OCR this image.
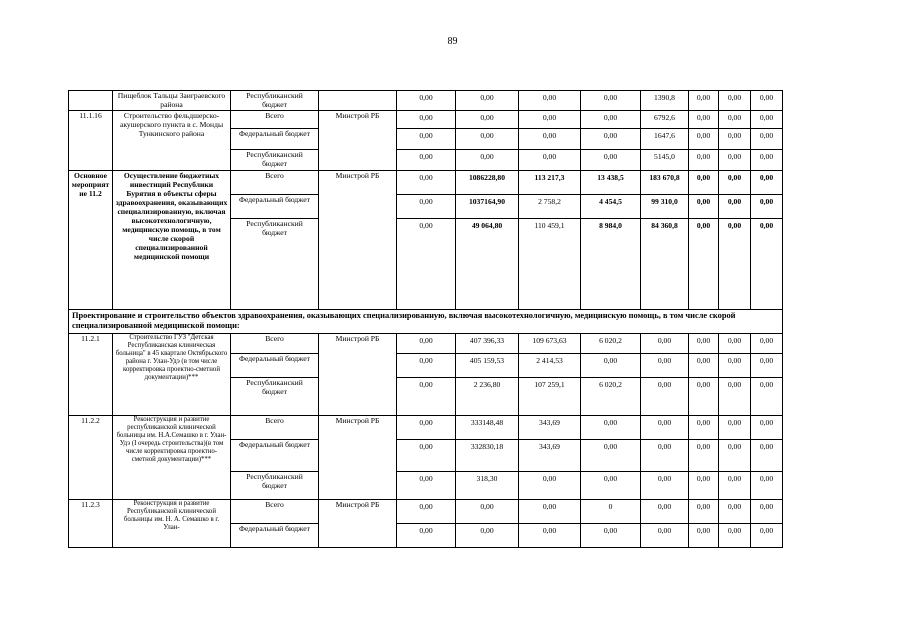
89
	Пищеблок Тальцы Заиграевского района	Республиканский бюджет		0,00	0,00	0,00	0,00	1390,8	0,00	0,00	0,00
11.1.16	Строительство фельдшерско-акушерского пункта в с. Монды Тункинского района	Всего	Минстрой РБ	0,00	0,00	0,00	0,00	6792,6	0,00	0,00	0,00
		Федеральный бюджет		0,00	0,00	0,00	0,00	1647,6	0,00	0,00	0,00
		Республиканский бюджет		0,00	0,00	0,00	0,00	5145,0	0,00	0,00	0,00
Основное мероприятие 11.2	Осуществление бюджетных инвестиций Республики Бурятия в объекты сферы здравоохранения, оказывающих специализированную, включая высокотехнологичную, медицинскую помощь, в том числе скорой специализированной медицинской помощи	Всего	Минстрой РБ	0,00	1086228,80	113 217,3	13 438,5	183 670,8	0,00	0,00	0,00
		Федеральный бюджет		0,00	1037164,90	2 758,2	4 454,5	99 310,0	0,00	0,00	0,00
		Республиканский бюджет		0,00	49 064,80	110 459,1	8 984,0	84 360,8	0,00	0,00	0,00
Проектирование и строительство объектов здравоохранения, оказывающих специализированную, включая высокотехнологичную, медицинскую помощь, в том числе скорой специализированной медицинской помощи:											
11.2.1	Строительство ГУЗ "Детская Республиканская клиническая больница" в 45 квартале Октябрьского района г. Улан-Удэ (в том числе корректировка проектно-сметной документации)***	Всего	Минстрой РБ	0,00	407 396,33	109 673,63	6 020,2	0,00	0,00	0,00	0,00
		Федеральный бюджет		0,00	405 159,53	2 414,53	0,00	0,00	0,00	0,00	0,00
		Республиканский бюджет		0,00	2 236,80	107 259,1	6 020,2	0,00	0,00	0,00	0,00
11.2.2	Реконструкция и развитие республиканской клинической больницы им. Н.А.Семашко в г. Улан-Удэ (I очередь строительства)(в том числе корректировка проектно-сметной документации)***	Всего	Минстрой РБ	0,00	333148,48	343,69	0,00	0,00	0,00	0,00	0,00
		Федеральный бюджет		0,00	332830,18	343,69	0,00	0,00	0,00	0,00	0,00
		Республиканский бюджет		0,00	318,30	0,00	0,00	0,00	0,00	0,00	0,00
11.2.3	Реконструкция и развитие Республиканской клинической больницы им. Н. А. Семашко в г. Улан-	Всего	Минстрой РБ	0,00	0,00	0,00	0	0,00	0,00	0,00	0,00
		Федеральный бюджет		0,00	0,00	0,00	0,00	0,00	0,00	0,00	0,00
